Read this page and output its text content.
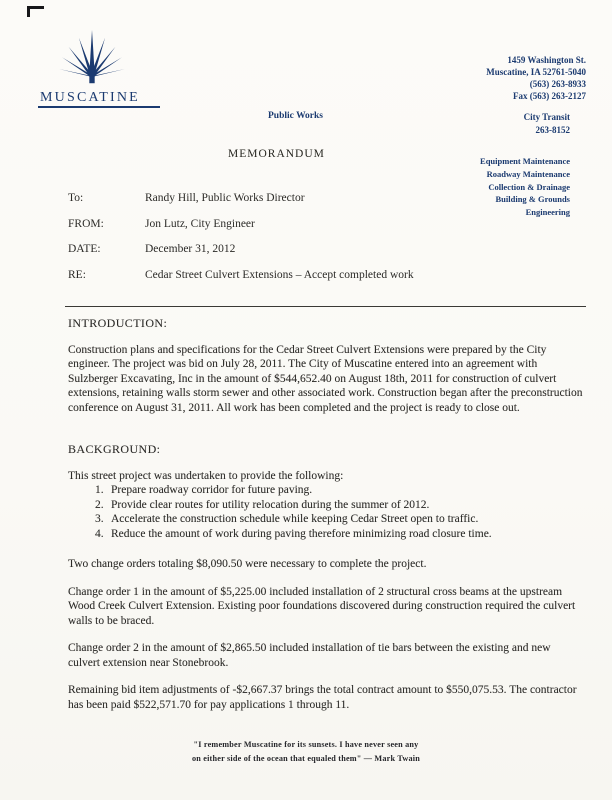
MUSCATINE
1459 Washington St.
Muscatine, IA 52761-5040
(563) 263-8933
Fax (563) 263-2127
Public Works	City Transit
263-8152
MEMORANDUM
Equipment Maintenance
Roadway Maintenance
Collection & Drainage
Building & Grounds
Engineering
To:	Randy Hill, Public Works Director
FROM:	Jon Lutz, City Engineer
DATE:	December 31, 2012
RE:	Cedar Street Culvert Extensions – Accept completed work
INTRODUCTION:
Construction plans and specifications for the Cedar Street Culvert Extensions were prepared by the City engineer. The project was bid on July 28, 2011. The City of Muscatine entered into an agreement with Sulzberger Excavating, Inc in the amount of $544,652.40 on August 18th, 2011 for construction of culvert extensions, retaining walls storm sewer and other associated work. Construction began after the preconstruction conference on August 31, 2011. All work has been completed and the project is ready to close out.
BACKGROUND:
This street project was undertaken to provide the following:
1. Prepare roadway corridor for future paving.
2. Provide clear routes for utility relocation during the summer of 2012.
3. Accelerate the construction schedule while keeping Cedar Street open to traffic.
4. Reduce the amount of work during paving therefore minimizing road closure time.
Two change orders totaling $8,090.50 were necessary to complete the project.
Change order 1 in the amount of $5,225.00 included installation of 2 structural cross beams at the upstream Wood Creek Culvert Extension. Existing poor foundations discovered during construction required the culvert walls to be braced.
Change order 2 in the amount of $2,865.50 included installation of tie bars between the existing and new culvert extension near Stonebrook.
Remaining bid item adjustments of -$2,667.37 brings the total contract amount to $550,075.53. The contractor has been paid $522,571.70 for pay applications 1 through 11.
"I remember Muscatine for its sunsets. I have never seen any
on either side of the ocean that equaled them" — Mark Twain
